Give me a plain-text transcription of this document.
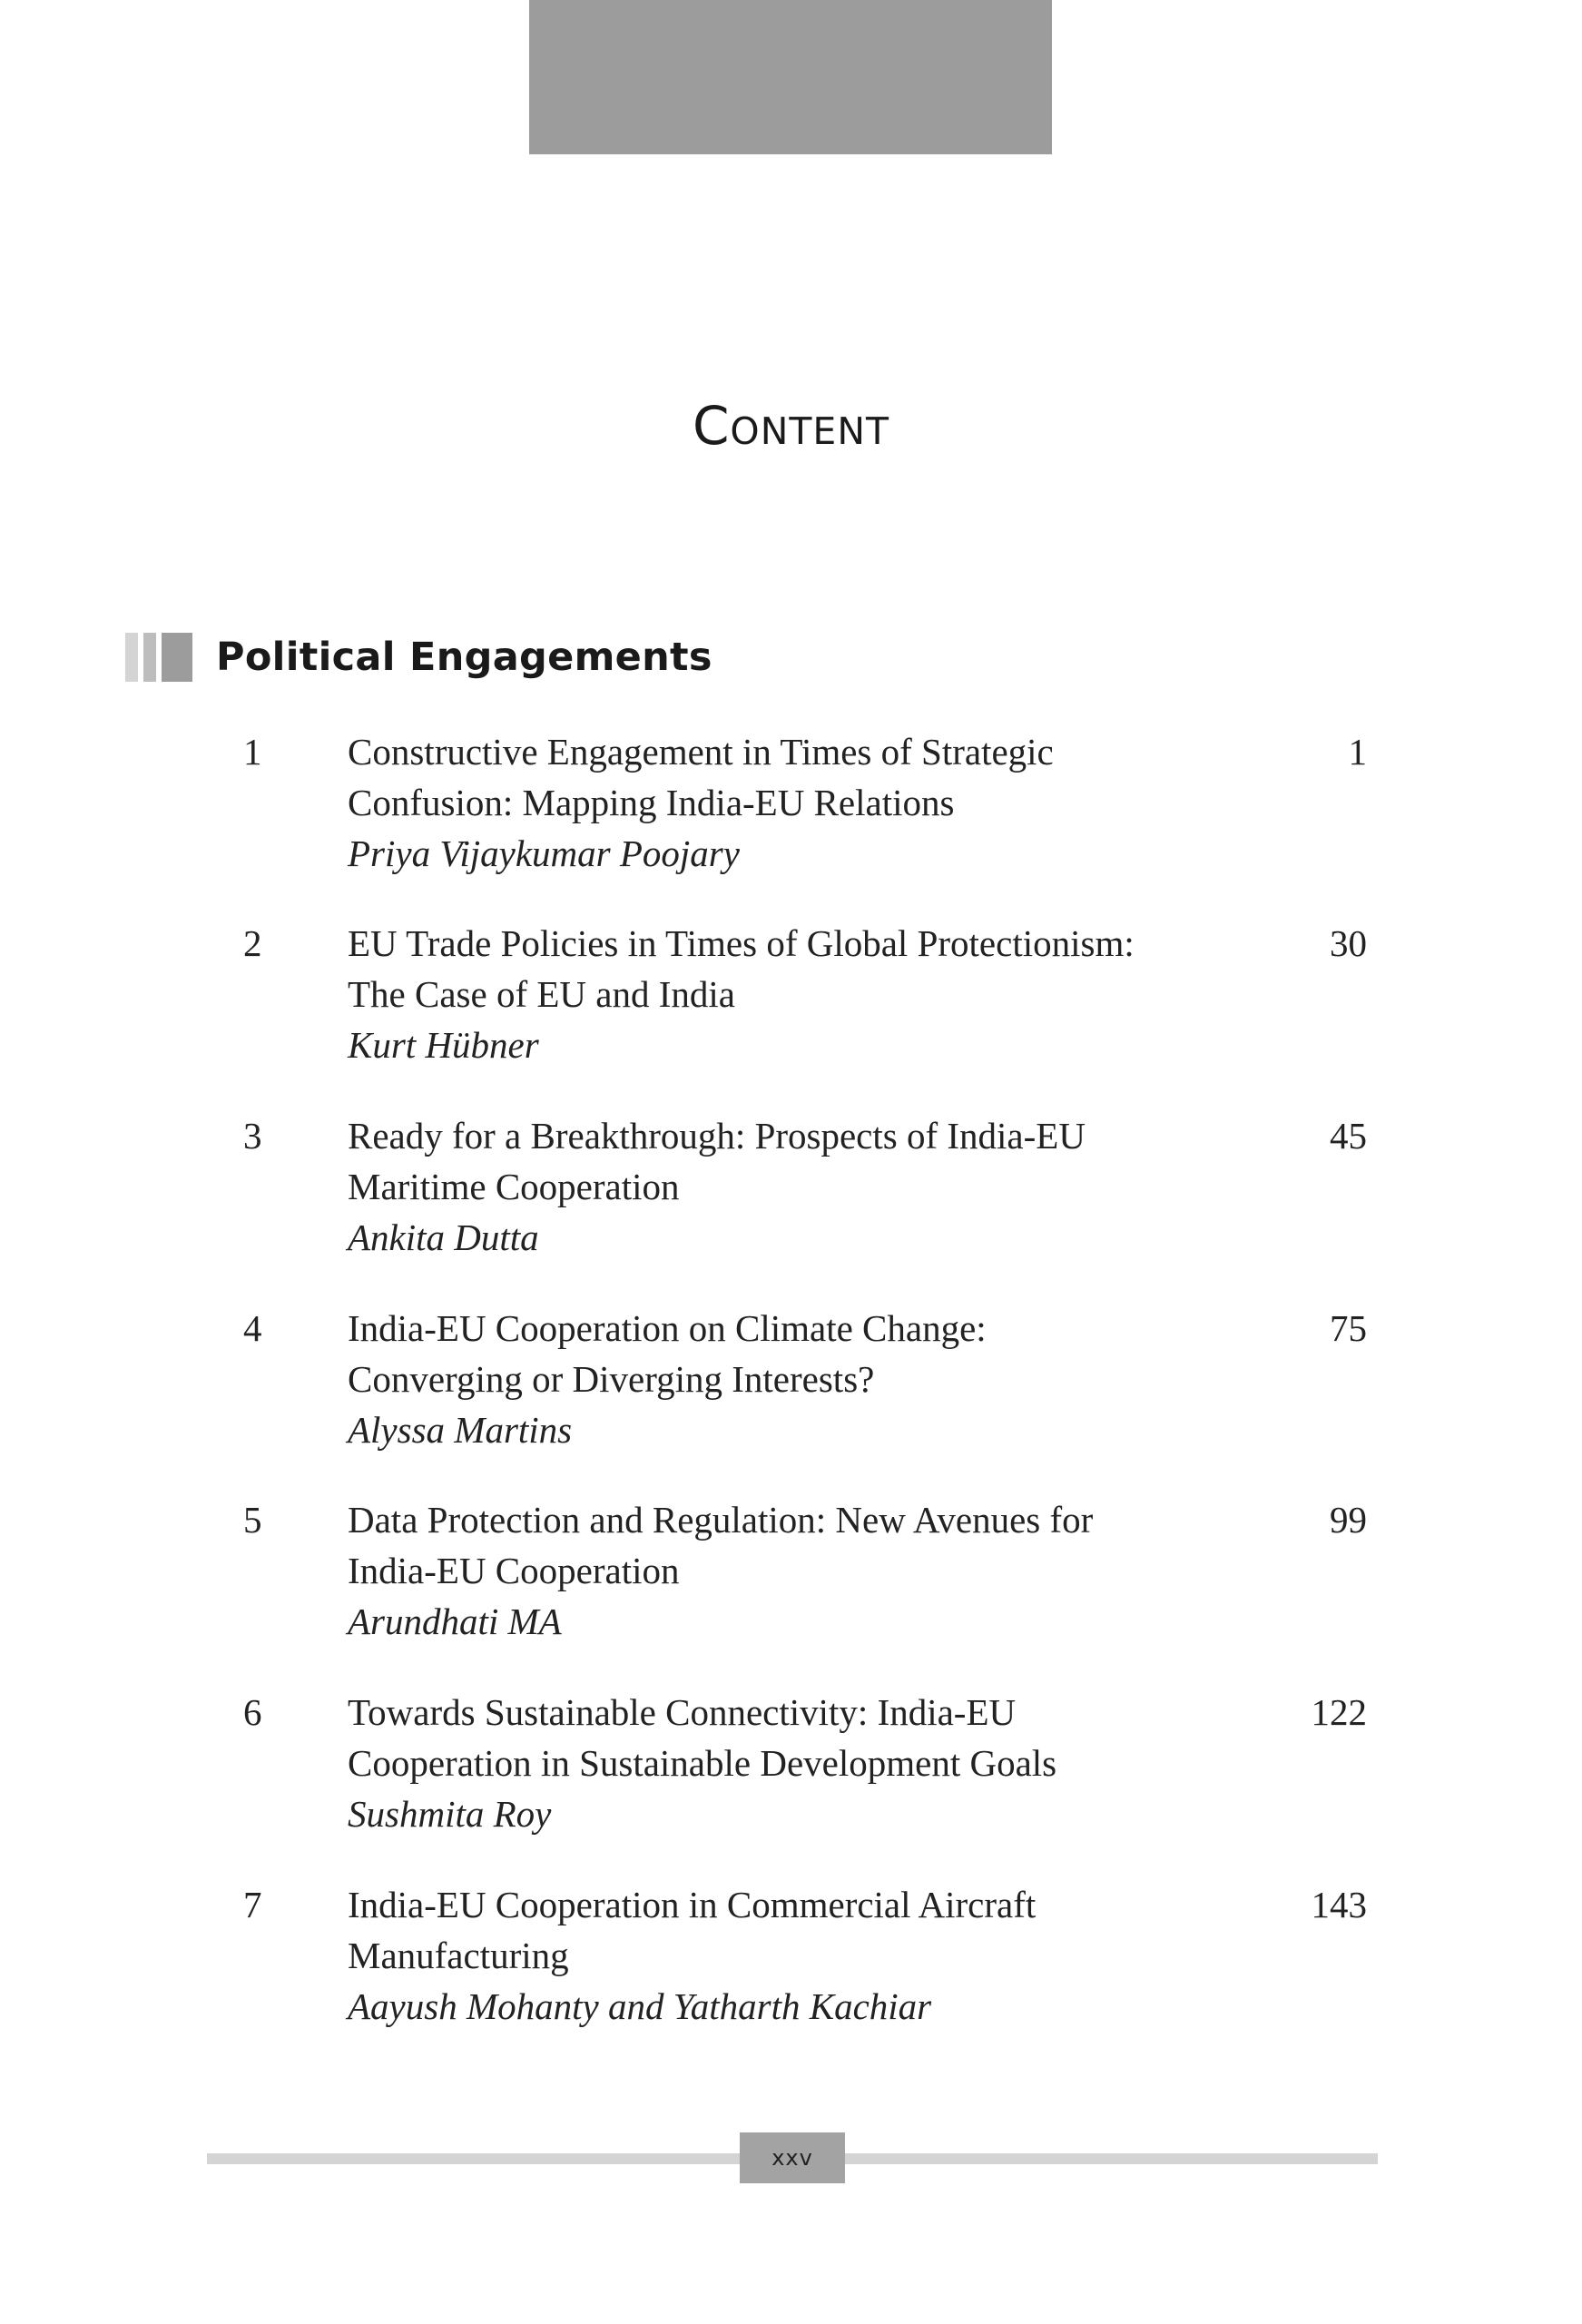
Content
Political Engagements
1	Constructive Engagement in Times of Strategic
Confusion: Mapping India-EU Relations
Priya Vijaykumar Poojary
1
2	EU Trade Policies in Times of Global Protectionism:
The Case of EU and India
Kurt Hübner
30
3	Ready for a Breakthrough: Prospects of India-EU
Maritime Cooperation
Ankita Dutta
45
4	India-EU Cooperation on Climate Change:
Converging or Diverging Interests?
Alyssa Martins
75
5	Data Protection and Regulation: New Avenues for
India-EU Cooperation
Arundhati MA
99
6	Towards Sustainable Connectivity: India-EU
Cooperation in Sustainable Development Goals
Sushmita Roy
122
7	India-EU Cooperation in Commercial Aircraft
Manufacturing
Aayush Mohanty and Yatharth Kachiar
143
xxv
